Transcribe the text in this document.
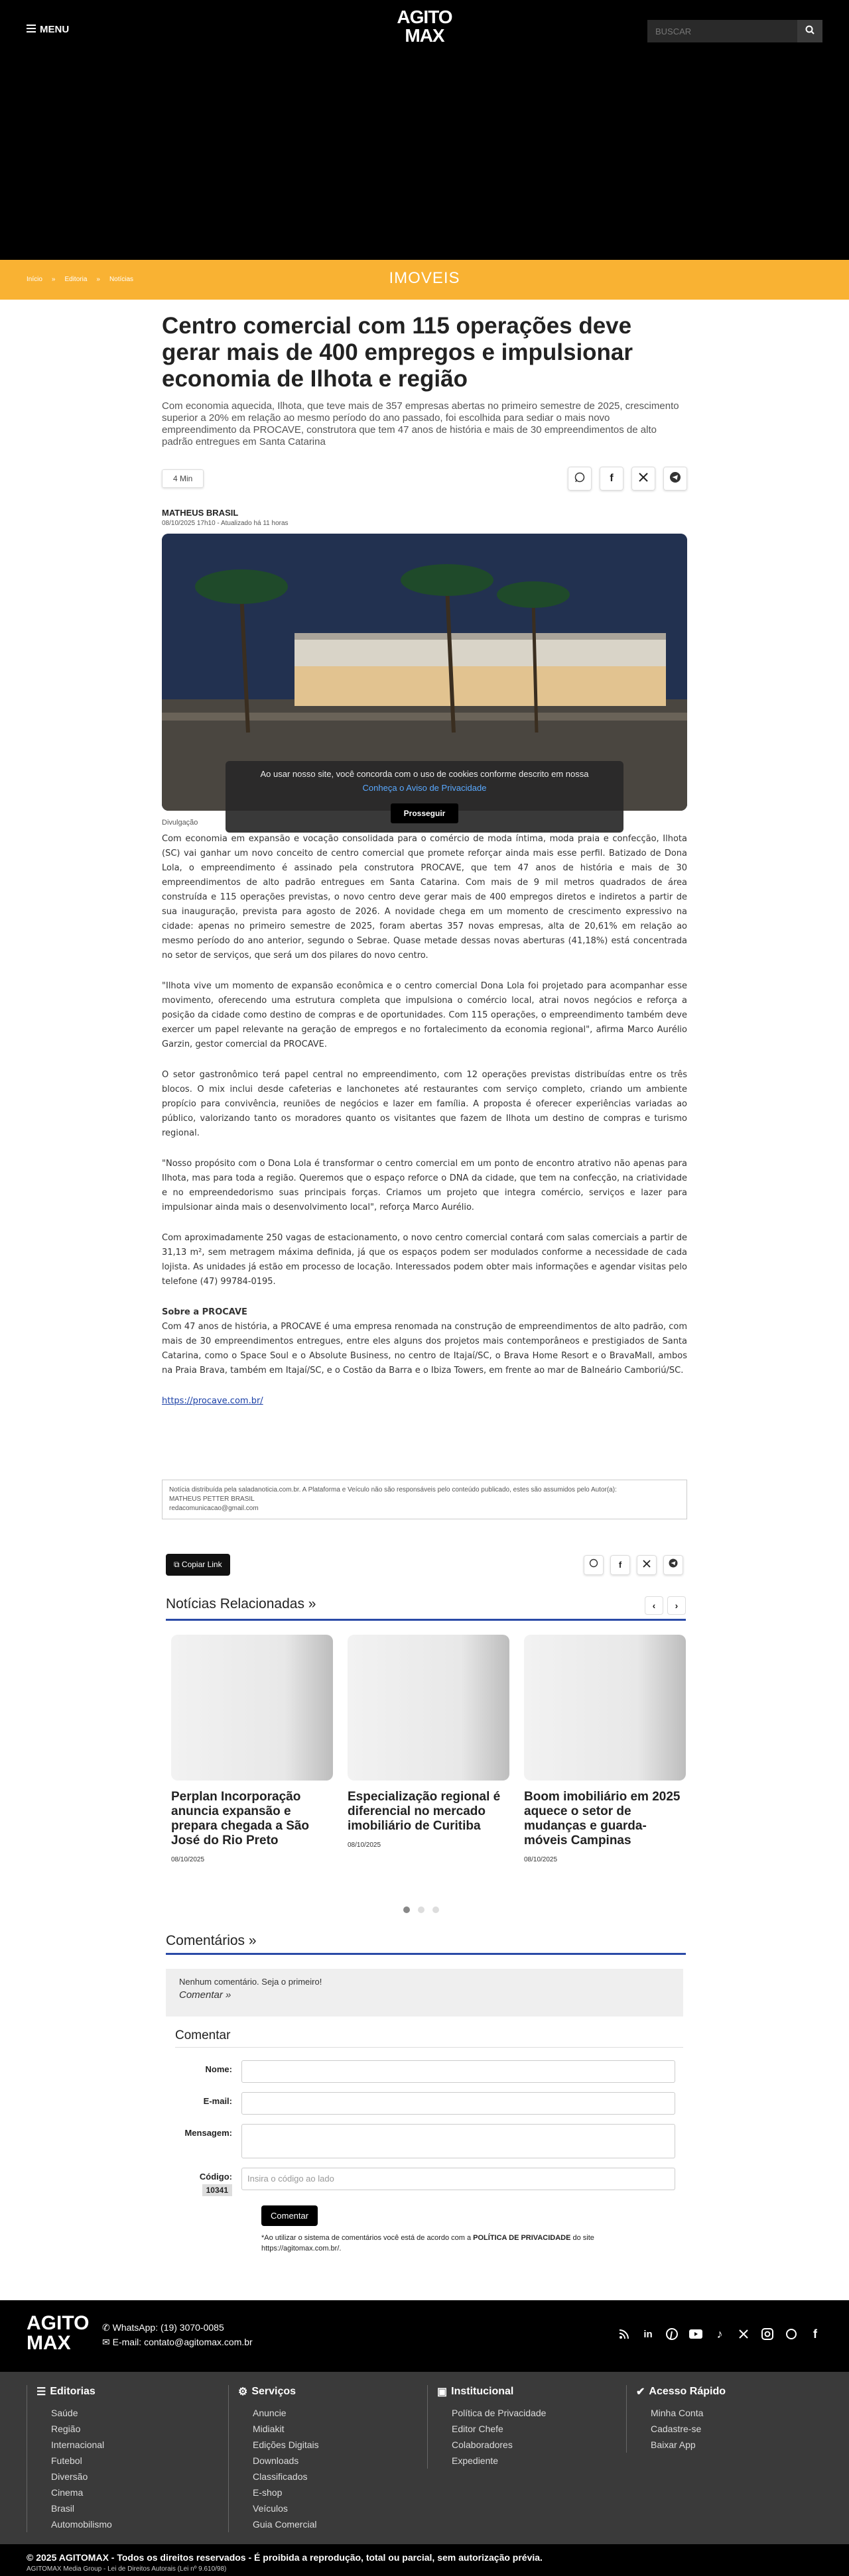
MENU
AGITO
MAX
BUSCAR
IMOVEIS
Início » Editoria » Notícias
Centro comercial com 115 operações deve gerar mais de 400 empregos e impulsionar economia de Ilhota e região
Com economia aquecida, Ilhota, que teve mais de 357 empresas abertas no primeiro semestre de 2025, crescimento superior a 20% em relação ao mesmo período do ano passado, foi escolhida para sediar o mais novo empreendimento da PROCAVE, construtora que tem 47 anos de história e mais de 30 empreendimentos de alto padrão entregues em Santa Catarina
4 Min	f
MATHEUS BRASIL
08/10/2025 17h10 - Atualizado há 11 horas
Divulgação

Com economia em expansão e vocação consolidada para o comércio de moda íntima, moda praia e confecção, Ilhota (SC) vai ganhar um novo conceito de centro comercial que promete reforçar ainda mais esse perfil. Batizado de Dona Lola, o empreendimento é assinado pela construtora PROCAVE, que tem 47 anos de história e mais de 30 empreendimentos de alto padrão entregues em Santa Catarina. Com mais de 9 mil metros quadrados de área construída e 115 operações previstas, o novo centro deve gerar mais de 400 empregos diretos e indiretos a partir de sua inauguração, prevista para agosto de 2026. A novidade chega em um momento de crescimento expressivo na cidade: apenas no primeiro semestre de 2025, foram abertas 357 novas empresas, alta de 20,61% em relação ao mesmo período do ano anterior, segundo o Sebrae. Quase metade dessas novas aberturas (41,18%) está concentrada no setor de serviços, que será um dos pilares do novo centro.

"Ilhota vive um momento de expansão econômica e o centro comercial Dona Lola foi projetado para acompanhar esse movimento, oferecendo uma estrutura completa que impulsiona o comércio local, atrai novos negócios e reforça a posição da cidade como destino de compras e de oportunidades. Com 115 operações, o empreendimento também deve exercer um papel relevante na geração de empregos e no fortalecimento da economia regional", afirma Marco Aurélio Garzin, gestor comercial da PROCAVE.

O setor gastronômico terá papel central no empreendimento, com 12 operações previstas distribuídas entre os três blocos. O mix inclui desde cafeterias e lanchonetes até restaurantes com serviço completo, criando um ambiente propício para convivência, reuniões de negócios e lazer em família. A proposta é oferecer experiências variadas ao público, valorizando tanto os moradores quanto os visitantes que fazem de Ilhota um destino de compras e turismo regional.

"Nosso propósito com o Dona Lola é transformar o centro comercial em um ponto de encontro atrativo não apenas para Ilhota, mas para toda a região. Queremos que o espaço reforce o DNA da cidade, que tem na confecção, na criatividade e no empreendedorismo suas principais forças. Criamos um projeto que integra comércio, serviços e lazer para impulsionar ainda mais o desenvolvimento local", reforça Marco Aurélio.

Com aproximadamente 250 vagas de estacionamento, o novo centro comercial contará com salas comerciais a partir de 31,13 m², sem metragem máxima definida, já que os espaços podem ser modulados conforme a necessidade de cada lojista. As unidades já estão em processo de locação. Interessados podem obter mais informações e agendar visitas pelo telefone (47) 99784-0195.

Sobre a PROCAVE
Com 47 anos de história, a PROCAVE é uma empresa renomada na construção de empreendimentos de alto padrão, com mais de 30 empreendimentos entregues, entre eles alguns dos projetos mais contemporâneos e prestigiados de Santa Catarina, como o Space Soul e o Absolute Business, no centro de Itajaí/SC, o Brava Home Resort e o BravaMall, ambos na Praia Brava, também em Itajaí/SC, e o Costão da Barra e o Ibiza Towers, em frente ao mar de Balneário Camboriú/SC.

https://procave.com.br/

Ao usar nosso site, você concorda com o uso de cookies conforme descrito em nossa
Conheça o Aviso de Privacidade
Prosseguir
Notícia distribuída pela saladanoticia.com.br. A Plataforma e Veículo não são responsáveis pelo conteúdo publicado, estes são assumidos pelo Autor(a):
MATHEUS PETTER BRASIL
redacomunicacao@gmail.com
⧉ Copiar Link	f
Notícias Relacionadas »	‹ ›
Perplan Incorporação anuncia expansão e prepara chegada a São José do Rio Preto
08/10/2025
Especialização regional é diferencial no mercado imobiliário de Curitiba
08/10/2025
Boom imobiliário em 2025 aquece o setor de mudanças e guarda-móveis Campinas
08/10/2025
Comentários »
Nenhum comentário. Seja o primeiro!
Comentar »
Comentar
Nome:
E-mail:
Mensagem:
Código:
10341
Insira o código ao lado
Comentar
*Ao utilizar o sistema de comentários você está de acordo com a POLÍTICA DE PRIVACIDADE do site https://agitomax.com.br/.
AGITO
MAX
✆ WhatsApp: (19) 3070-0085
✉ E-mail: contato@agitomax.com.br
in	♪	f
☰ Editorias
Saúde
Região
Internacional
Futebol
Diversão
Cinema
Brasil
Automobilismo
⚙ Serviços
Anuncie
Midiakit
Edições Digitais
Downloads
Classificados
E-shop
Veículos
Guia Comercial
▣ Institucional
Política de Privacidade
Editor Chefe
Colaboradores
Expediente
✔ Acesso Rápido
Minha Conta
Cadastre-se
Baixar App
© 2025 AGITOMAX - Todos os direitos reservados - É proibida a reprodução, total ou parcial, sem autorização prévia.
AGITOMAX Media Group - Lei de Direitos Autorais (Lei nº 9.610/98)
